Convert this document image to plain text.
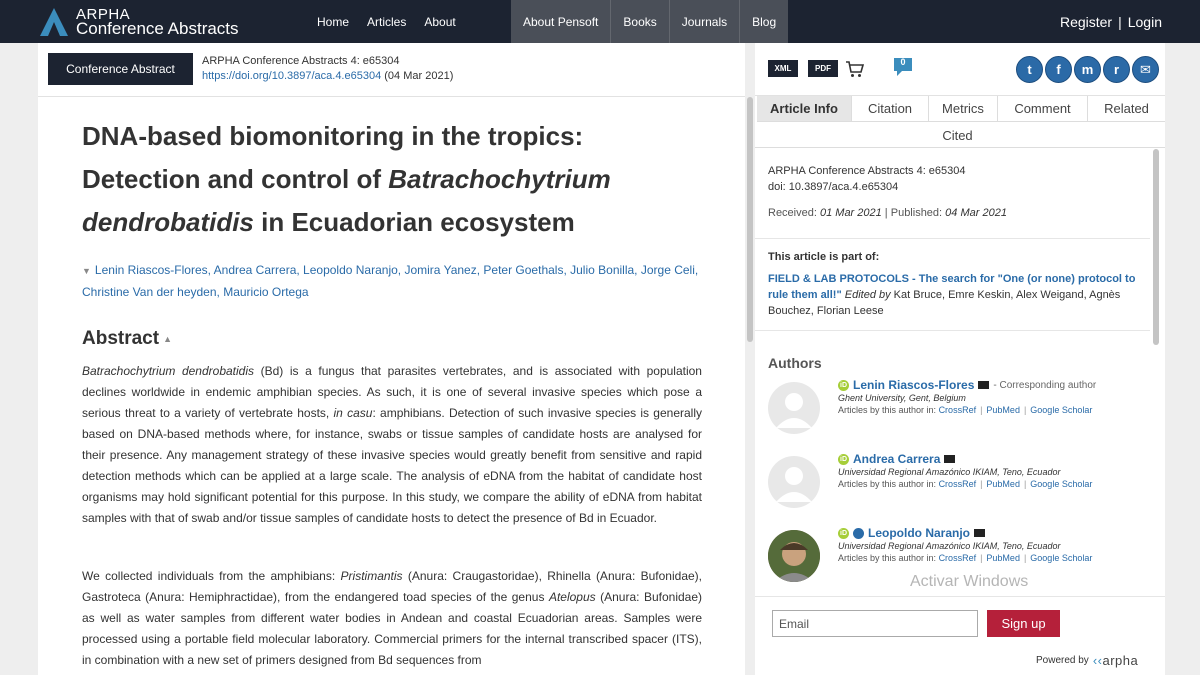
ARPHA
Conference Abstracts	Home	Articles	About	About Pensoft	Books	Journals	Blog	Register | Login
Conference Abstract
ARPHA Conference Abstracts 4: e65304
https://doi.org/10.3897/aca.4.e65304 (04 Mar 2021)
DNA-based biomonitoring in the tropics: Detection and control of Batrachochytrium dendrobatidis in Ecuadorian ecosystem
▼ Lenin Riascos-Flores, Andrea Carrera, Leopoldo Naranjo, Jomira Yanez, Peter Goethals, Julio Bonilla, Jorge Celi, Christine Van der heyden, Mauricio Ortega
Abstract ▲

Batrachochytrium dendrobatidis (Bd) is a fungus that parasites vertebrates, and is associated with population declines worldwide in endemic amphibian species. As such, it is one of several invasive species which pose a serious threat to a variety of vertebrate hosts, in casu: amphibians. Detection of such invasive species is generally based on DNA-based methods where, for instance, swabs or tissue samples of candidate hosts are analysed for their presence. Any management strategy of these invasive species would greatly benefit from sensitive and rapid detection methods which can be applied at a large scale. The analysis of eDNA from the habitat of candidate host organisms may hold significant potential for this purpose. In this study, we compare the ability of eDNA from habitat samples with that of swab and/or tissue samples of candidate hosts to detect the presence of Bd in Ecuador.

We collected individuals from the amphibians: Pristimantis (Anura: Craugastoridae), Rhinella (Anura: Bufonidae), Gastroteca (Anura: Hemiphractidae), from the endangered toad species of the genus Atelopus (Anura: Bufonidae) as well as water samples from different water bodies in Andean and coastal Ecuadorian areas. Samples were processed using a portable field molecular laboratory. Commercial primers for the internal transcribed spacer (ITS), in combination with a new set of primers designed from Bd sequences from

XML	PDF
0	t	f	m	r	✉
Article Info	Citation	Metrics	Comment	Related
Cited
ARPHA Conference Abstracts 4: e65304
doi: 10.3897/aca.4.e65304
Received: 01 Mar 2021 | Published: 04 Mar 2021
This article is part of:
FIELD & LAB PROTOCOLS - The search for "One (or none) protocol to rule them all!" Edited by Kat Bruce, Emre Keskin, Alex Weigand, Agnès Bouchez, Florian Leese
Authors
iD Lenin Riascos-Flores - Corresponding author
Ghent University, Gent, Belgium
Articles by this author in: CrossRef | PubMed | Google Scholar
iD Andrea Carrera
Universidad Regional Amazónico IKIAM, Teno, Ecuador
Articles by this author in: CrossRef | PubMed | Google Scholar
iD Leopoldo Naranjo
Universidad Regional Amazónico IKIAM, Teno, Ecuador
Articles by this author in: CrossRef | PubMed | Google Scholar
Activar Windows
Email
Sign up
Powered by ‹‹arpha
